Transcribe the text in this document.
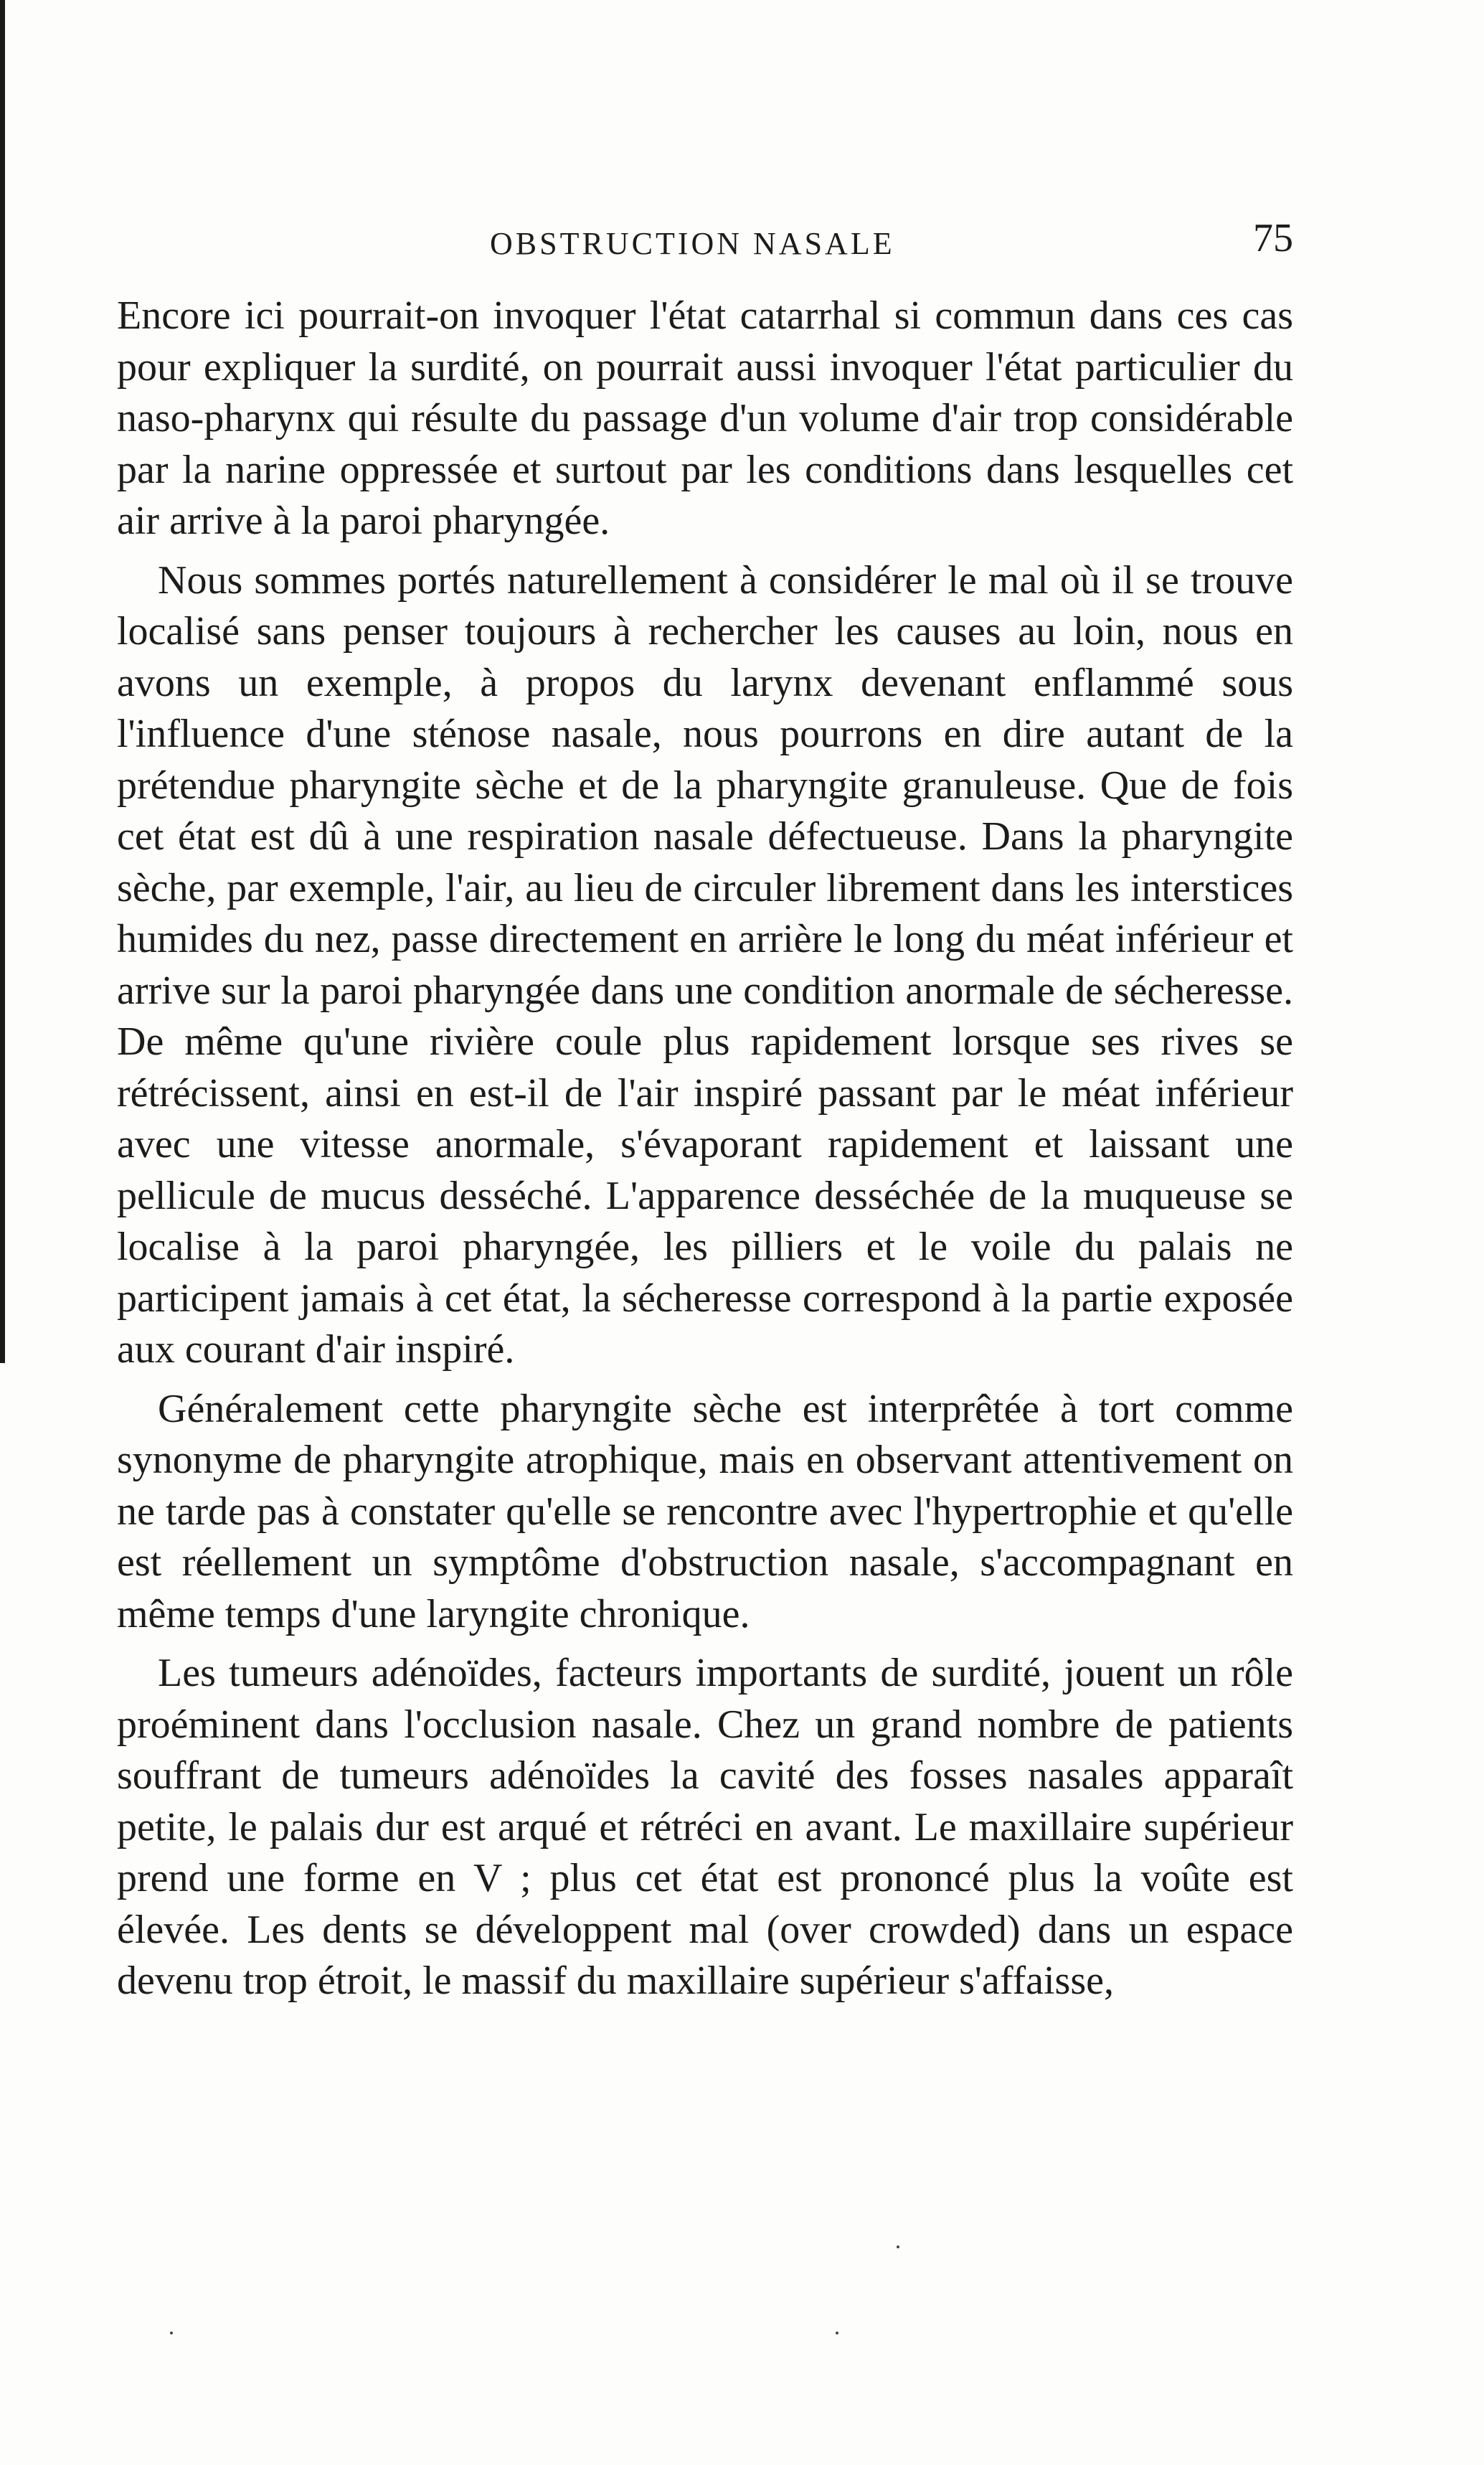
OBSTRUCTION NASALE	75

Encore ici pourrait-on invoquer l'état catarrhal si commun dans ces cas pour expliquer la surdité, on pourrait aussi invoquer l'état particulier du naso-pharynx qui résulte du passage d'un volume d'air trop considérable par la narine oppressée et surtout par les conditions dans lesquelles cet air arrive à la paroi pharyngée.

Nous sommes portés naturellement à considérer le mal où il se trouve localisé sans penser toujours à rechercher les causes au loin, nous en avons un exemple, à propos du larynx devenant enflammé sous l'influence d'une sténose nasale, nous pourrons en dire autant de la prétendue pharyngite sèche et de la pharyngite granuleuse. Que de fois cet état est dû à une respiration nasale défectueuse. Dans la pharyngite sèche, par exemple, l'air, au lieu de circuler librement dans les interstices humides du nez, passe directement en arrière le long du méat inférieur et arrive sur la paroi pharyngée dans une condition anormale de sécheresse. De même qu'une rivière coule plus rapidement lorsque ses rives se rétrécissent, ainsi en est-il de l'air inspiré passant par le méat inférieur avec une vitesse anormale, s'évaporant rapidement et laissant une pellicule de mucus desséché. L'apparence desséchée de la muqueuse se localise à la paroi pharyngée, les pilliers et le voile du palais ne participent jamais à cet état, la sécheresse correspond à la partie exposée aux courant d'air inspiré.

Généralement cette pharyngite sèche est interprêtée à tort comme synonyme de pharyngite atrophique, mais en observant attentivement on ne tarde pas à constater qu'elle se rencontre avec l'hypertrophie et qu'elle est réellement un symptôme d'obstruction nasale, s'accompagnant en même temps d'une laryngite chronique.

Les tumeurs adénoïdes, facteurs importants de surdité, jouent un rôle proéminent dans l'occlusion nasale. Chez un grand nombre de patients souffrant de tumeurs adénoïdes la cavité des fosses nasales apparaît petite, le palais dur est arqué et rétréci en avant. Le maxillaire supérieur prend une forme en V ; plus cet état est prononcé plus la voûte est élevée. Les dents se développent mal (over crowded) dans un espace devenu trop étroit, le massif du maxillaire supérieur s'affaisse,
